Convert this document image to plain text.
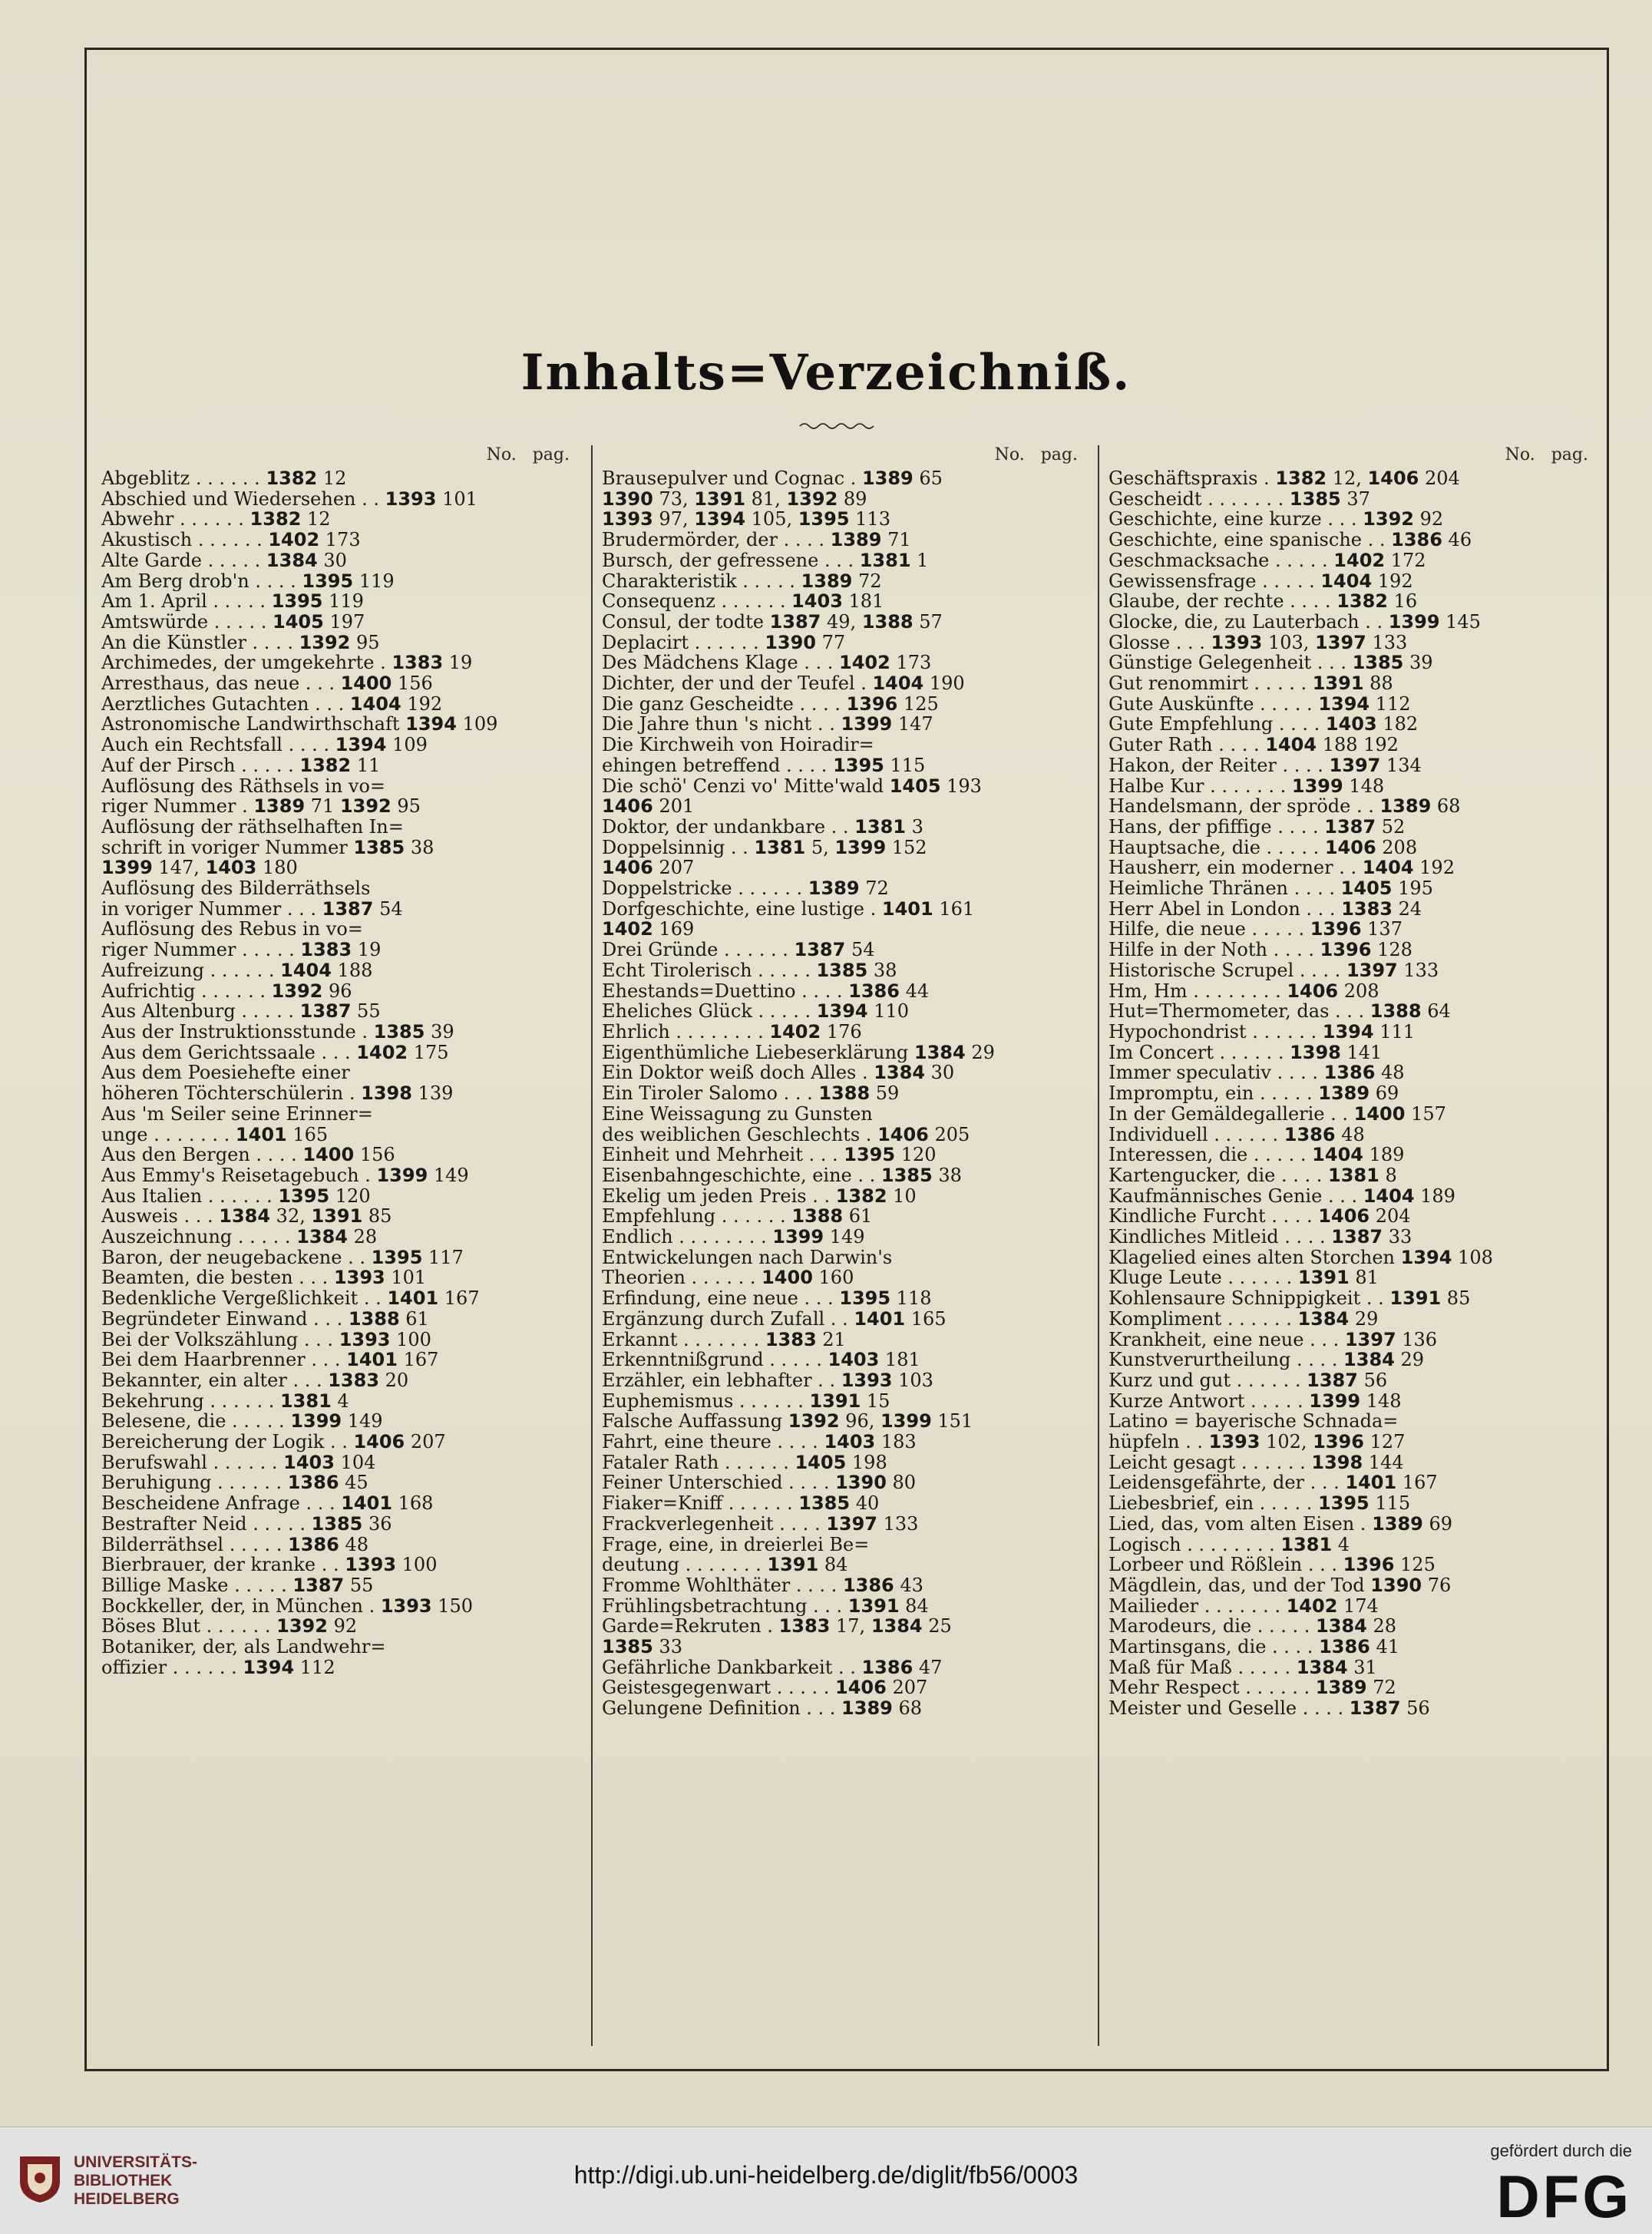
Inhalts=Verzeichniß.
No.   pag.
Abgeblitz . . . . . . 1382 12
Abschied und Wiedersehen . . 1393 101
Abwehr . . . . . . 1382 12
Akustisch . . . . . . 1402 173
Alte Garde . . . . . 1384 30
Am Berg drob'n . . . . 1395 119
Am 1. April . . . . . 1395 119
Amtswürde . . . . . 1405 197
An die Künstler . . . . 1392 95
Archimedes, der umgekehrte . 1383 19
Arresthaus, das neue . . . 1400 156
Aerztliches Gutachten . . . 1404 192
Astronomische Landwirthschaft 1394 109
Auch ein Rechtsfall . . . . 1394 109
Auf der Pirsch . . . . . 1382 11
Auflösung des Räthsels in vo=
riger Nummer . 1389 71 1392 95
Auflösung der räthselhaften In=
schrift in voriger Nummer 1385 38
1399 147, 1403 180
Auflösung des Bilderräthsels
in voriger Nummer . . . 1387 54
Auflösung des Rebus in vo=
riger Nummer . . . . . 1383 19
Aufreizung . . . . . . 1404 188
Aufrichtig . . . . . . 1392 96
Aus Altenburg . . . . . 1387 55
Aus der Instruktionsstunde . 1385 39
Aus dem Gerichtssaale . . . 1402 175
Aus dem Poesiehefte einer
höheren Töchterschülerin . 1398 139
Aus 'm Seiler seine Erinner=
unge . . . . . . . 1401 165
Aus den Bergen . . . . 1400 156
Aus Emmy's Reisetagebuch . 1399 149
Aus Italien . . . . . . 1395 120
Ausweis . . . 1384 32, 1391 85
Auszeichnung . . . . . 1384 28
Baron, der neugebackene . . 1395 117
Beamten, die besten . . . 1393 101
Bedenkliche Vergeßlichkeit . . 1401 167
Begründeter Einwand . . . 1388 61
Bei der Volkszählung . . . 1393 100
Bei dem Haarbrenner . . . 1401 167
Bekannter, ein alter . . . 1383 20
Bekehrung . . . . . . 1381 4
Belesene, die . . . . . 1399 149
Bereicherung der Logik . . 1406 207
Berufswahl . . . . . . 1403 104
Beruhigung . . . . . . 1386 45
Bescheidene Anfrage . . . 1401 168
Bestrafter Neid . . . . . 1385 36
Bilderräthsel . . . . . 1386 48
Bierbrauer, der kranke . . 1393 100
Billige Maske . . . . . 1387 55
Bockkeller, der, in München . 1393 150
Böses Blut . . . . . . 1392 92
Botaniker, der, als Landwehr=
offizier . . . . . . 1394 112
No.   pag.
Brausepulver und Cognac . 1389 65
1390 73, 1391 81, 1392 89
1393 97, 1394 105, 1395 113
Brudermörder, der . . . . 1389 71
Bursch, der gefressene . . . 1381 1
Charakteristik . . . . . 1389 72
Consequenz . . . . . . 1403 181
Consul, der todte 1387 49, 1388 57
Deplacirt . . . . . . 1390 77
Des Mädchens Klage . . . 1402 173
Dichter, der und der Teufel . 1404 190
Die ganz Gescheidte . . . . 1396 125
Die Jahre thun 's nicht . . 1399 147
Die Kirchweih von Hoiradir=
ehingen betreffend . . . . 1395 115
Die schö' Cenzi vo' Mitte'wald 1405 193
1406 201
Doktor, der undankbare . . 1381 3
Doppelsinnig . . 1381 5, 1399 152
1406 207
Doppelstricke . . . . . . 1389 72
Dorfgeschichte, eine lustige . 1401 161
1402 169
Drei Gründe . . . . . . 1387 54
Echt Tirolerisch . . . . . 1385 38
Ehestands=Duettino . . . . 1386 44
Eheliches Glück . . . . . 1394 110
Ehrlich . . . . . . . . 1402 176
Eigenthümliche Liebeserklärung 1384 29
Ein Doktor weiß doch Alles . 1384 30
Ein Tiroler Salomo . . . 1388 59
Eine Weissagung zu Gunsten
des weiblichen Geschlechts . 1406 205
Einheit und Mehrheit . . . 1395 120
Eisenbahngeschichte, eine . . 1385 38
Ekelig um jeden Preis . . 1382 10
Empfehlung . . . . . . 1388 61
Endlich . . . . . . . . 1399 149
Entwickelungen nach Darwin's
Theorien . . . . . . 1400 160
Erfindung, eine neue . . . 1395 118
Ergänzung durch Zufall . . 1401 165
Erkannt . . . . . . . 1383 21
Erkenntnißgrund . . . . . 1403 181
Erzähler, ein lebhafter . . 1393 103
Euphemismus . . . . . . 1391 15
Falsche Auffassung 1392 96, 1399 151
Fahrt, eine theure . . . . 1403 183
Fataler Rath . . . . . . 1405 198
Feiner Unterschied . . . . 1390 80
Fiaker=Kniff . . . . . . 1385 40
Frackverlegenheit . . . . 1397 133
Frage, eine, in dreierlei Be=
deutung . . . . . . . 1391 84
Fromme Wohlthäter . . . . 1386 43
Frühlingsbetrachtung . . . 1391 84
Garde=Rekruten . 1383 17, 1384 25
1385 33
Gefährliche Dankbarkeit . . 1386 47
Geistesgegenwart . . . . . 1406 207
Gelungene Definition . . . 1389 68
No.   pag.
Geschäftspraxis . 1382 12, 1406 204
Gescheidt . . . . . . . 1385 37
Geschichte, eine kurze . . . 1392 92
Geschichte, eine spanische . . 1386 46
Geschmacksache . . . . . 1402 172
Gewissensfrage . . . . . 1404 192
Glaube, der rechte . . . . 1382 16
Glocke, die, zu Lauterbach . . 1399 145
Glosse . . . 1393 103, 1397 133
Günstige Gelegenheit . . . 1385 39
Gut renommirt . . . . . 1391 88
Gute Auskünfte . . . . . 1394 112
Gute Empfehlung . . . . 1403 182
Guter Rath . . . . 1404 188 192
Hakon, der Reiter . . . . 1397 134
Halbe Kur . . . . . . . 1399 148
Handelsmann, der spröde . . 1389 68
Hans, der pfiffige . . . . 1387 52
Hauptsache, die . . . . . 1406 208
Hausherr, ein moderner . . 1404 192
Heimliche Thränen . . . . 1405 195
Herr Abel in London . . . 1383 24
Hilfe, die neue . . . . . 1396 137
Hilfe in der Noth . . . . 1396 128
Historische Scrupel . . . . 1397 133
Hm, Hm . . . . . . . . 1406 208
Hut=Thermometer, das . . . 1388 64
Hypochondrist . . . . . . 1394 111
Im Concert . . . . . . 1398 141
Immer speculativ . . . . 1386 48
Impromptu, ein . . . . . 1389 69
In der Gemäldegallerie . . 1400 157
Individuell . . . . . . 1386 48
Interessen, die . . . . . 1404 189
Kartengucker, die . . . . 1381 8
Kaufmännisches Genie . . . 1404 189
Kindliche Furcht . . . . 1406 204
Kindliches Mitleid . . . . 1387 33
Klagelied eines alten Storchen 1394 108
Kluge Leute . . . . . . 1391 81
Kohlensaure Schnippigkeit . . 1391 85
Kompliment . . . . . . 1384 29
Krankheit, eine neue . . . 1397 136
Kunstverurtheilung . . . . 1384 29
Kurz und gut . . . . . . 1387 56
Kurze Antwort . . . . . 1399 148
Latino = bayerische Schnada=
hüpfeln . . 1393 102, 1396 127
Leicht gesagt . . . . . . 1398 144
Leidensgefährte, der . . . 1401 167
Liebesbrief, ein . . . . . 1395 115
Lied, das, vom alten Eisen . 1389 69
Logisch . . . . . . . . 1381 4
Lorbeer und Rößlein . . . 1396 125
Mägdlein, das, und der Tod 1390 76
Mailieder . . . . . . . 1402 174
Marodeurs, die . . . . . 1384 28
Martinsgans, die . . . . 1386 41
Maß für Maß . . . . . 1384 31
Mehr Respect . . . . . . 1389 72
Meister und Geselle . . . . 1387 56
UNIVERSITÄTS-
BIBLIOTHEK
HEIDELBERG
http://digi.ub.uni-heidelberg.de/diglit/fb56/0003
gefördert durch die
DFG
